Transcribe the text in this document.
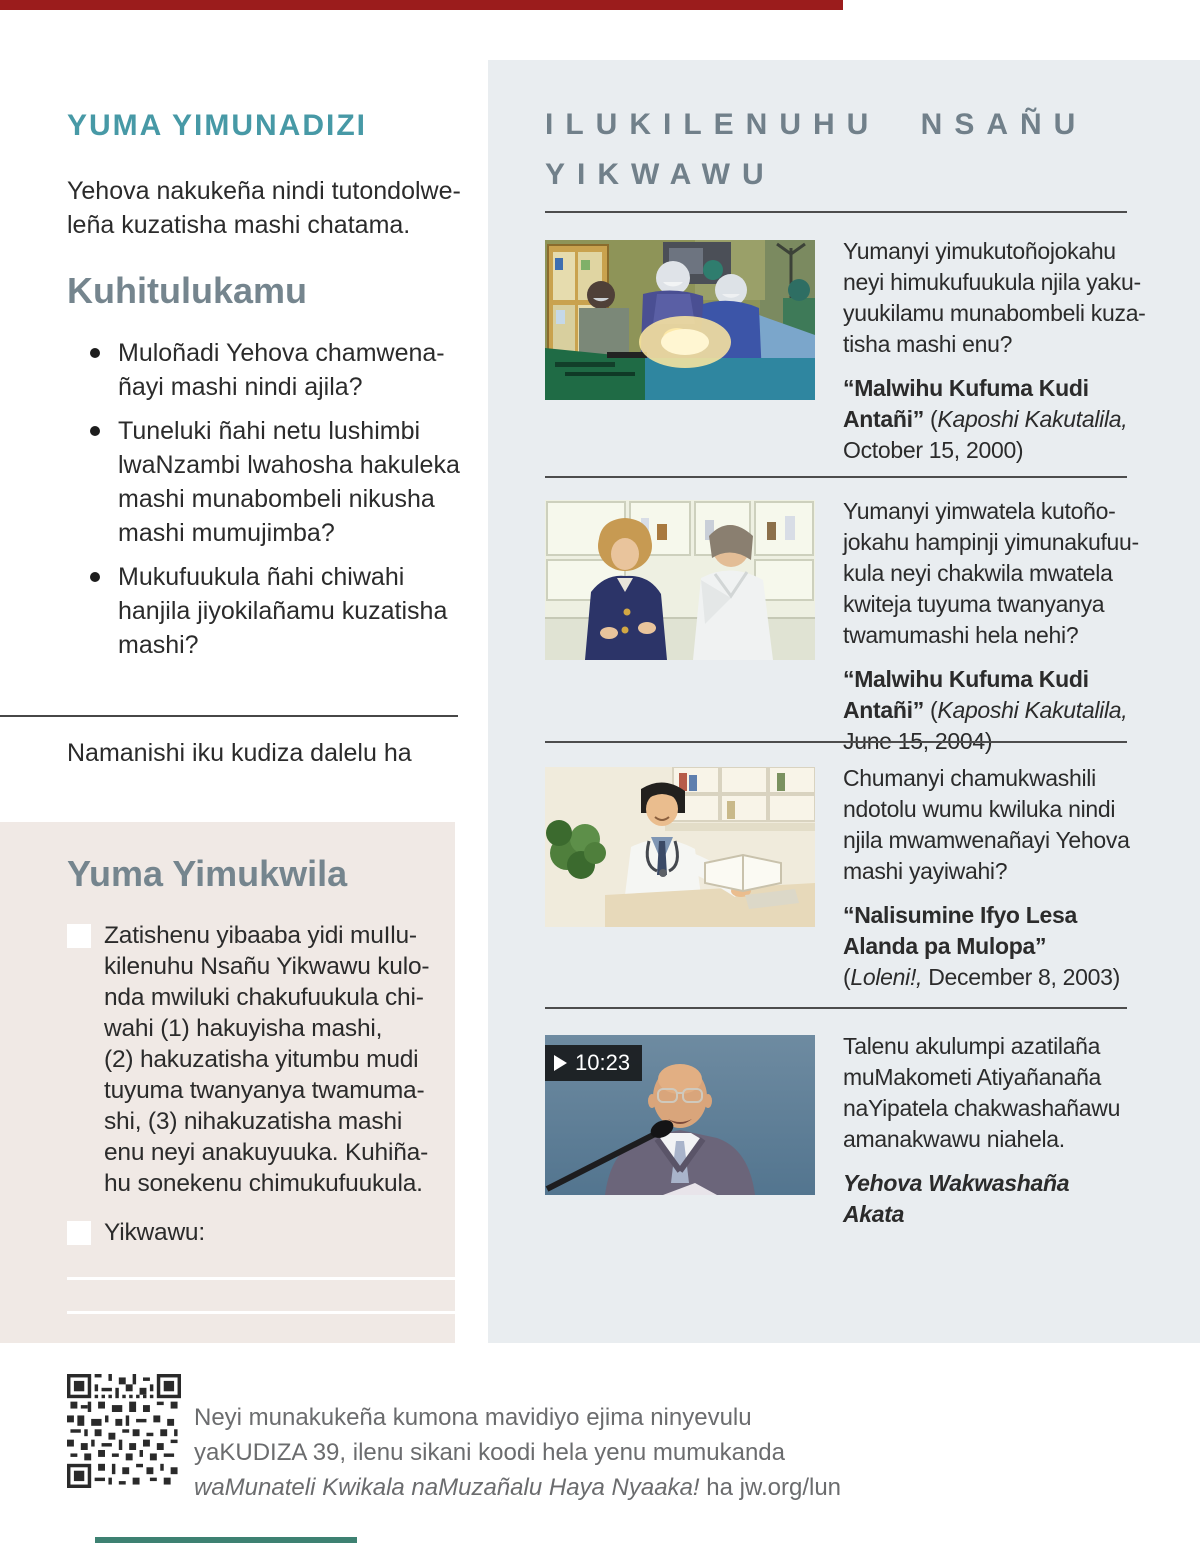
YUMA YIMUNADIZI
Yehova nakukeña nindi tutondolwe-
leña kuzatisha mashi chatama.
Kuhitulukamu
Muloñadi Yehova chamwena-
ñayi mashi nindi ajila?
Tuneluki ñahi netu lushimbi
lwaNzambi lwahosha hakuleka
mashi munabombeli nikusha
mashi mumujimba?
Mukufuukula ñahi chiwahi
hanjila jiyokilañamu kuzatisha
mashi?
Namanishi iku kudiza dalelu ha
Yuma Yimukwila
Zatishenu yibaaba yidi muIlu-
kilenuhu Nsañu Yikwawu kulo-
nda mwiluki chakufuukula chi-
wahi (1) hakuyisha mashi,
(2) hakuzatisha yitumbu mudi
tuyuma twanyanya twamuma-
shi, (3) nihakuzatisha mashi
enu neyi anakuyuuka. Kuhiña-
hu sonekenu chimukufuukula.
Yikwawu:
ILUKILENUHU NSAÑU
YIKWAWU
Yumanyi yimukutoñojokahu
neyi himukufuukula njila yaku-
yuukilamu munabombeli kuza-
tisha mashi enu?
“Malwihu Kufuma Kudi Antañi” (Kaposhi Kakutalila, October 15, 2000)
Yumanyi yimwatela kutoño-
jokahu hampinji yimunakufuu-
kula neyi chakwila mwatela
kwiteja tuyuma twanyanya
twamumashi hela nehi?
“Malwihu Kufuma Kudi Antañi” (Kaposhi Kakutalila, June 15, 2004)
Chumanyi chamukwashili
ndotolu wumu kwiluka nindi
njila mwamwenañayi Yehova
mashi yayiwahi?
“Nalisumine Ifyo Lesa Alanda pa Mulopa” (Loleni!, December 8, 2003)
10:23
Talenu akulumpi azatilaña
muMakometi Atiyañanaña
naYipatela chakwashañawu
amanakwawu niahela.
Yehova Wakwashaña Akata
Neyi munakukeña kumona mavidiyo ejima ninyevulu
yaKUDIZA 39, ilenu sikani koodi hela yenu mumukanda
waMunateli Kwikala naMuzañalu Haya Nyaaka! ha jw.org/lun
